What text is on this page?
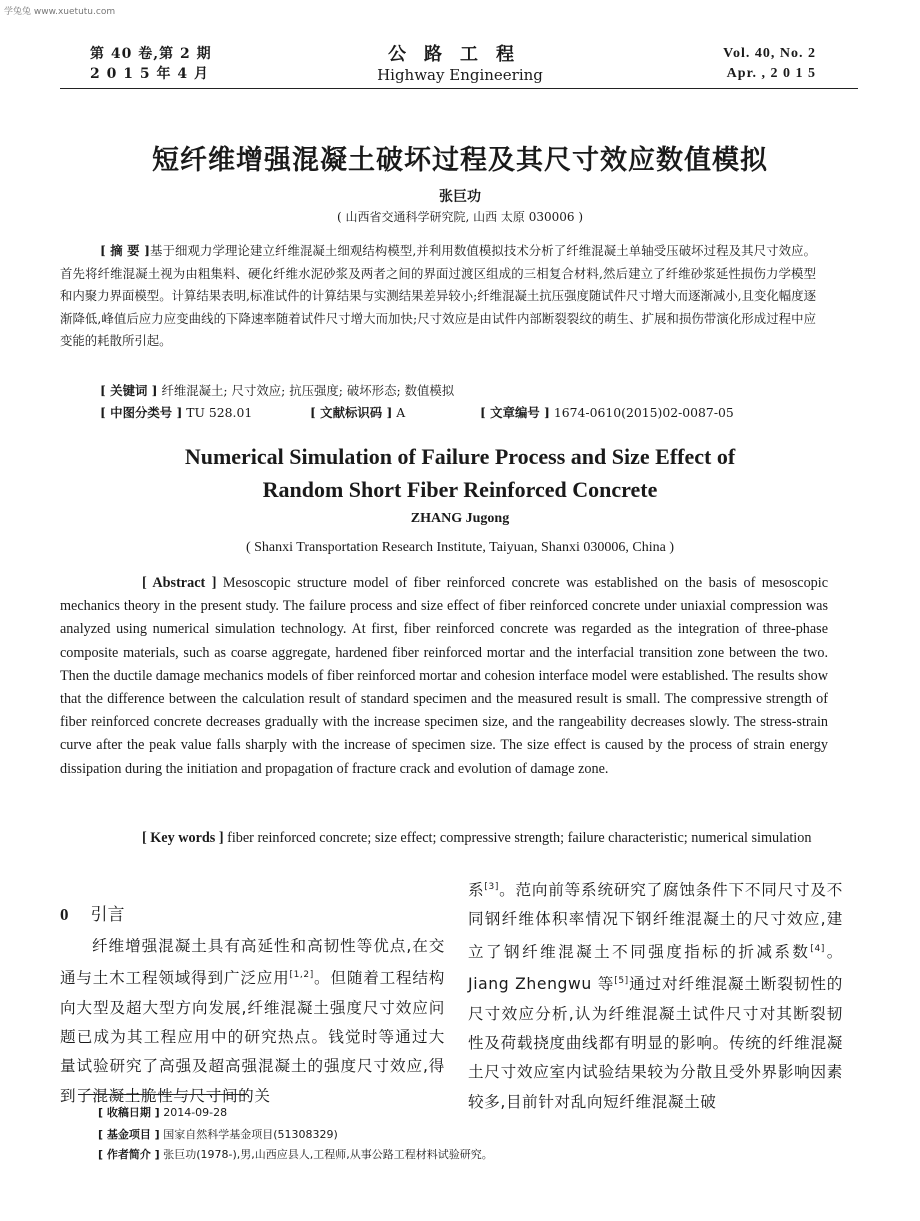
学兔兔 www.xuetutu.com
第 40 卷,第 2 期
2 0 1 5 年 4 月
公路工程
Highway Engineering
Vol. 40, No. 2
Apr. , 2 0 1 5
短纤维增强混凝土破坏过程及其尺寸效应数值模拟
张巨功
( 山西省交通科学研究院, 山西 太原 030006 )
[ 摘 要 ]基于细观力学理论建立纤维混凝土细观结构模型,并利用数值模拟技术分析了纤维混凝土单轴受压破坏过程及其尺寸效应。首先将纤维混凝土视为由粗集料、硬化纤维水泥砂浆及两者之间的界面过渡区组成的三相复合材料,然后建立了纤维砂浆延性损伤力学模型和内聚力界面模型。计算结果表明,标准试件的计算结果与实测结果差异较小;纤维混凝土抗压强度随试件尺寸增大而逐渐减小,且变化幅度逐渐降低,峰值后应力应变曲线的下降速率随着试件尺寸增大而加快;尺寸效应是由试件内部断裂裂纹的萌生、扩展和损伤带演化形成过程中应变能的耗散所引起。
[ 关键词 ] 纤维混凝土; 尺寸效应; 抗压强度; 破坏形态; 数值模拟
[ 中图分类号 ] TU 528.01	[ 文献标识码 ] A	[ 文章编号 ] 1674-0610(2015)02-0087-05
Numerical Simulation of Failure Process and Size Effect of
Random Short Fiber Reinforced Concrete
ZHANG Jugong
( Shanxi Transportation Research Institute, Taiyuan, Shanxi 030006, China )
[ Abstract ] Mesoscopic structure model of fiber reinforced concrete was established on the basis of mesoscopic mechanics theory in the present study. The failure process and size effect of fiber reinforced concrete under uniaxial compression was analyzed using numerical simulation technology. At first, fiber reinforced concrete was regarded as the integration of three-phase composite materials, such as coarse aggregate, hardened fiber reinforced mortar and the interfacial transition zone between the two. Then the ductile damage mechanics models of fiber reinforced mortar and cohesion interface model were established. The results show that the difference between the calculation result of standard specimen and the measured result is small. The compressive strength of fiber reinforced concrete decreases gradually with the increase specimen size, and the rangeability decreases slowly. The stress-strain curve after the peak value falls sharply with the increase of specimen size. The size effect is caused by the process of strain energy dissipation during the initiation and propagation of fracture crack and evolution of damage zone.
[ Key words ] fiber reinforced concrete; size effect; compressive strength; failure characteristic; numerical simulation
0 引言
纤维增强混凝土具有高延性和高韧性等优点,在交通与土木工程领域得到广泛应用[1,2]。但随着工程结构向大型及超大型方向发展,纤维混凝土强度尺寸效应问题已成为其工程应用中的研究热点。钱觉时等通过大量试验研究了高强及超高强混凝土的强度尺寸效应,得到了混凝土脆性与尺寸间的关
系[3]。范向前等系统研究了腐蚀条件下不同尺寸及不同钢纤维体积率情况下钢纤维混凝土的尺寸效应,建立了钢纤维混凝土不同强度指标的折减系数[4]。Jiang Zhengwu 等[5]通过对纤维混凝土断裂韧性的尺寸效应分析,认为纤维混凝土试件尺寸对其断裂韧性及荷载挠度曲线都有明显的影响。传统的纤维混凝土尺寸效应室内试验结果较为分散且受外界影响因素较多,目前针对乱向短纤维混凝土破
[ 收稿日期 ] 2014-09-28
[ 基金项目 ] 国家自然科学基金项目(51308329)
[ 作者简介 ] 张巨功(1978-),男,山西应县人,工程师,从事公路工程材料试验研究。
